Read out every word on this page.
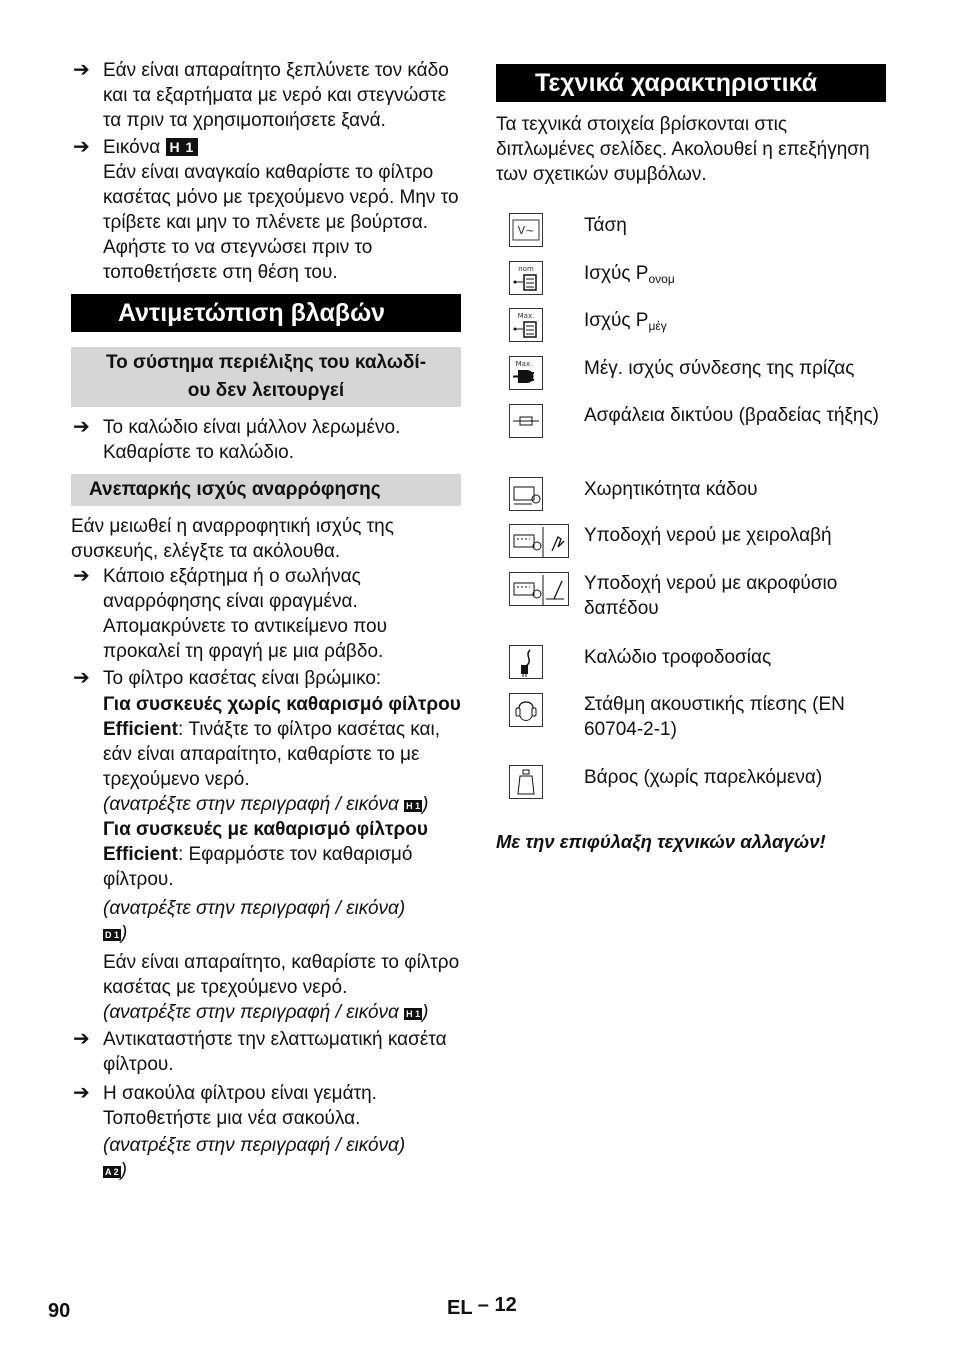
➔ Εάν είναι απαραίτητο ξεπλύνετε τον κάδο και τα εξαρτήματα με νερό και στεγνώστε τα πριν τα χρησιμοποιήσετε ξανά.

➔ Εικόνα H 1

Εάν είναι αναγκαίο καθαρίστε το φίλτρο κασέτας μόνο με τρεχούμενο νερό. Μην το τρίβετε και μην το πλένετε με βούρτσα. Αφήστε το να στεγνώσει πριν το τοποθετήσετε στη θέση του.

Αντιμετώπιση βλαβών
Το σύστημα περιέλιξης του καλωδί-
ου δεν λειτουργεί

➔ Το καλώδιο είναι μάλλον λερωμένο. Καθαρίστε το καλώδιο.

Ανεπαρκής ισχύς αναρρόφησης

Εάν μειωθεί η αναρροφητική ισχύς της συσκευής, ελέγξτε τα ακόλουθα.

➔ Κάποιο εξάρτημα ή ο σωλήνας αναρρόφησης είναι φραγμένα. Απομακρύνετε το αντικείμενο που προκαλεί τη φραγή με μια ράβδο.

➔ Το φίλτρο κασέτας είναι βρώμικο:

Για συσκευές χωρίς καθαρισμό φίλτρου Efficient: Τινάξτε το φίλτρο κασέτας και, εάν είναι απαραίτητο, καθαρίστε το με τρεχούμενο νερό.

(ανατρέξτε στην περιγραφή / εικόνα H 1 )

Για συσκευές με καθαρισμό φίλτρου Efficient: Εφαρμόστε τον καθαρισμό φίλτρου.

(ανατρέξτε στην περιγραφή / εικόνα)
D 1 )

Εάν είναι απαραίτητο, καθαρίστε το φίλτρο κασέτας με τρεχούμενο νερό.

(ανατρέξτε στην περιγραφή / εικόνα H 1 )

➔ Αντικαταστήστε την ελαττωματική κασέτα φίλτρου.

➔ Η σακούλα φίλτρου είναι γεμάτη. Τοποθετήστε μια νέα σακούλα.

(ανατρέξτε στην περιγραφή / εικόνα)
A 2 )

Τεχνικά χαρακτηριστικά

Τα τεχνικά στοιχεία βρίσκονται στις διπλωμένες σελίδες. Ακολουθεί η επεξήγηση των σχετικών συμβόλων.

V~	Τάση
nom	Ισχύς $P_{o\nu o\mu}$
Max.	Ισχύς $P_{\mu έ\gamma}$
Max.	Μέγ. ισχύς σύνδεσης της πρίζας
Ασφάλεια δικτύου (βραδείας τήξης)
Χωρητικότητα κάδου
Υποδοχή νερού με χειρολαβή
Υποδοχή νερού με ακροφύσιο δαπέδου
Καλώδιο τροφοδοσίας
Στάθμη ακουστικής πίεσης (EN 60704-2-1)
Βάρος (χωρίς παρελκόμενα)

Με την επιφύλαξη τεχνικών αλλαγών!

90	EL – 12
